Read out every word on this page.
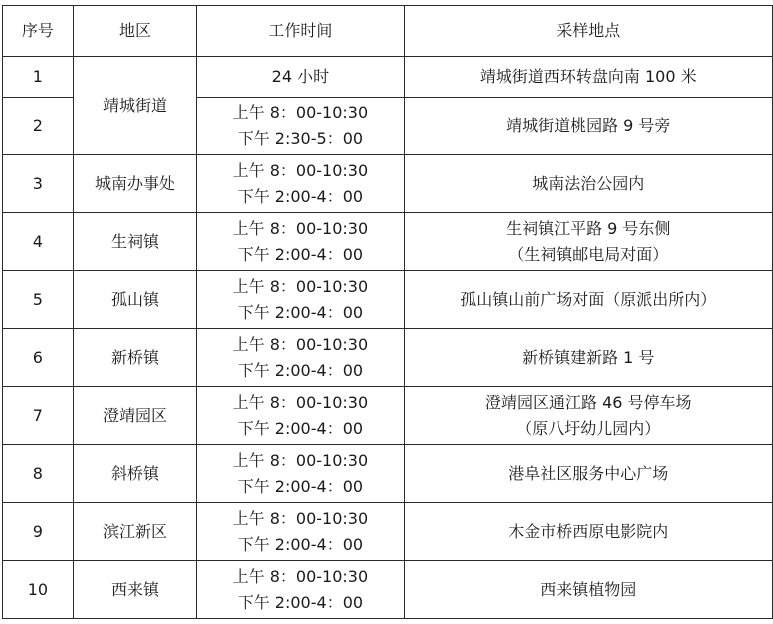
序号	地区	工作时间	采样地点
1	靖城街道	24 小时	靖城街道西环转盘向南 100 米

2		上午 8：00-10:30
下午 2:30-5：00	靖城街道桃园路 9 号旁

3	城南办事处	上午 8：00-10:30
下午 2:00-4：00	城南法治公园内

4	生祠镇	上午 8：00-10:30
下午 2:00-4：00	生祠镇江平路 9 号东侧
（生祠镇邮电局对面）

5	孤山镇	上午 8：00-10:30
下午 2:00-4：00	孤山镇山前广场对面（原派出所内）

6	新桥镇	上午 8：00-10:30
下午 2:00-4：00	新桥镇建新路 1 号

7	澄靖园区	上午 8：00-10:30
下午 2:00-4：00	澄靖园区通江路 46 号停车场
（原八圩幼儿园内）

8	斜桥镇	上午 8：00-10:30
下午 2:00-4：00	港阜社区服务中心广场

9	滨江新区	上午 8：00-10:30
下午 2:00-4：00	木金市桥西原电影院内

10	西来镇	上午 8：00-10:30
下午 2:00-4：00	西来镇植物园
